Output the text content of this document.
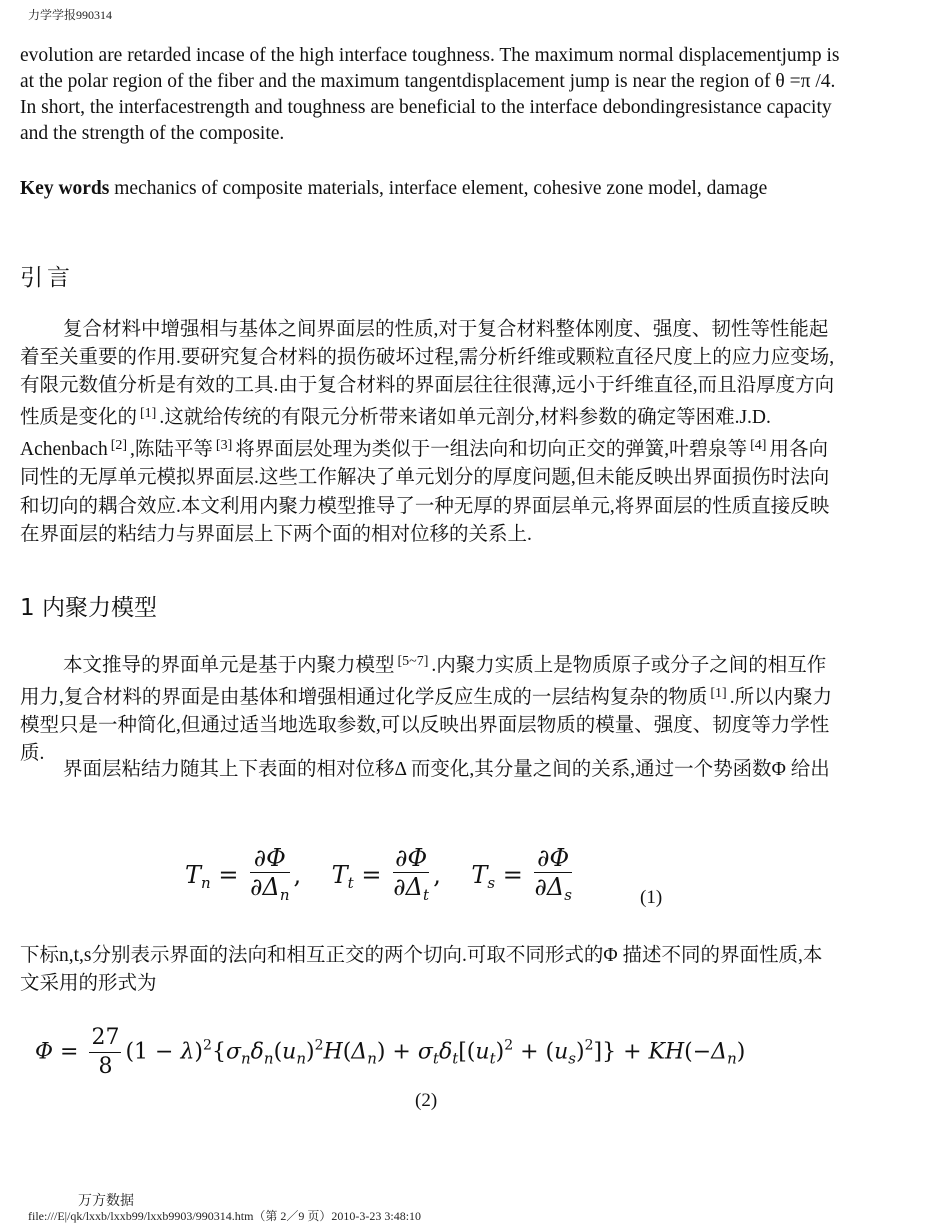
力学学报990314
evolution are retarded incase of the high interface toughness. The maximum normal displacementjump is at the polar region of the fiber and the maximum tangentdisplacement jump is near the region of θ =π /4. In short, the interfacestrength and toughness are beneficial to the interface debondingresistance capacity and the strength of the composite.
Key words mechanics of composite materials, interface element, cohesive zone model, damage
引言
复合材料中增强相与基体之间界面层的性质,对于复合材料整体刚度、强度、韧性等性能起着至关重要的作用.要研究复合材料的损伤破坏过程,需分析纤维或颗粒直径尺度上的应力应变场,有限元数值分析是有效的工具.由于复合材料的界面层往往很薄,远小于纤维直径,而且沿厚度方向性质是变化的 [1] .这就给传统的有限元分析带来诸如单元剖分,材料参数的确定等困难.J.D. Achenbach [2] ,陈陆平等 [3] 将界面层处理为类似于一组法向和切向正交的弹簧,叶碧泉等 [4] 用各向同性的无厚单元模拟界面层.这些工作解决了单元划分的厚度问题,但未能反映出界面损伤时法向和切向的耦合效应.本文利用内聚力模型推导了一种无厚的界面层单元,将界面层的性质直接反映在界面层的粘结力与界面层上下两个面的相对位移的关系上.
1 内聚力模型
本文推导的界面单元是基于内聚力模型 [5~7] .内聚力实质上是物质原子或分子之间的相互作用力,复合材料的界面是由基体和增强相通过化学反应生成的一层结构复杂的物质 [1] .所以内聚力模型只是一种简化,但通过适当地选取参数,可以反映出界面层物质的模量、强度、韧度等力学性质.
界面层粘结力随其上下表面的相对位移Δ 而变化,其分量之间的关系,通过一个势函数Φ 给出
$T_n = \frac{\partial\Phi}{\partial\Delta_n}$ ,    $T_t = \frac{\partial\Phi}{\partial\Delta_t}$ ,    $T_s = \frac{\partial\Phi}{\partial\Delta_s}$	(1)
下标n,t,s分别表示界面的法向和相互正交的两个切向.可取不同形式的Φ 描述不同的界面性质,本文采用的形式为
$\Phi = \frac{27}{8} (1 - \lambda)^2\{\sigma_n\delta_n(u_n)^2H(\Delta_n) + \sigma_t\delta_t[(u_t)^2 + (u_s)^2]\} + KH(-\Delta_n)$
(2)
万方数据
file:///E|/qk/lxxb/lxxb99/lxxb9903/990314.htm（第 2／9 页）2010-3-23 3:48:10
